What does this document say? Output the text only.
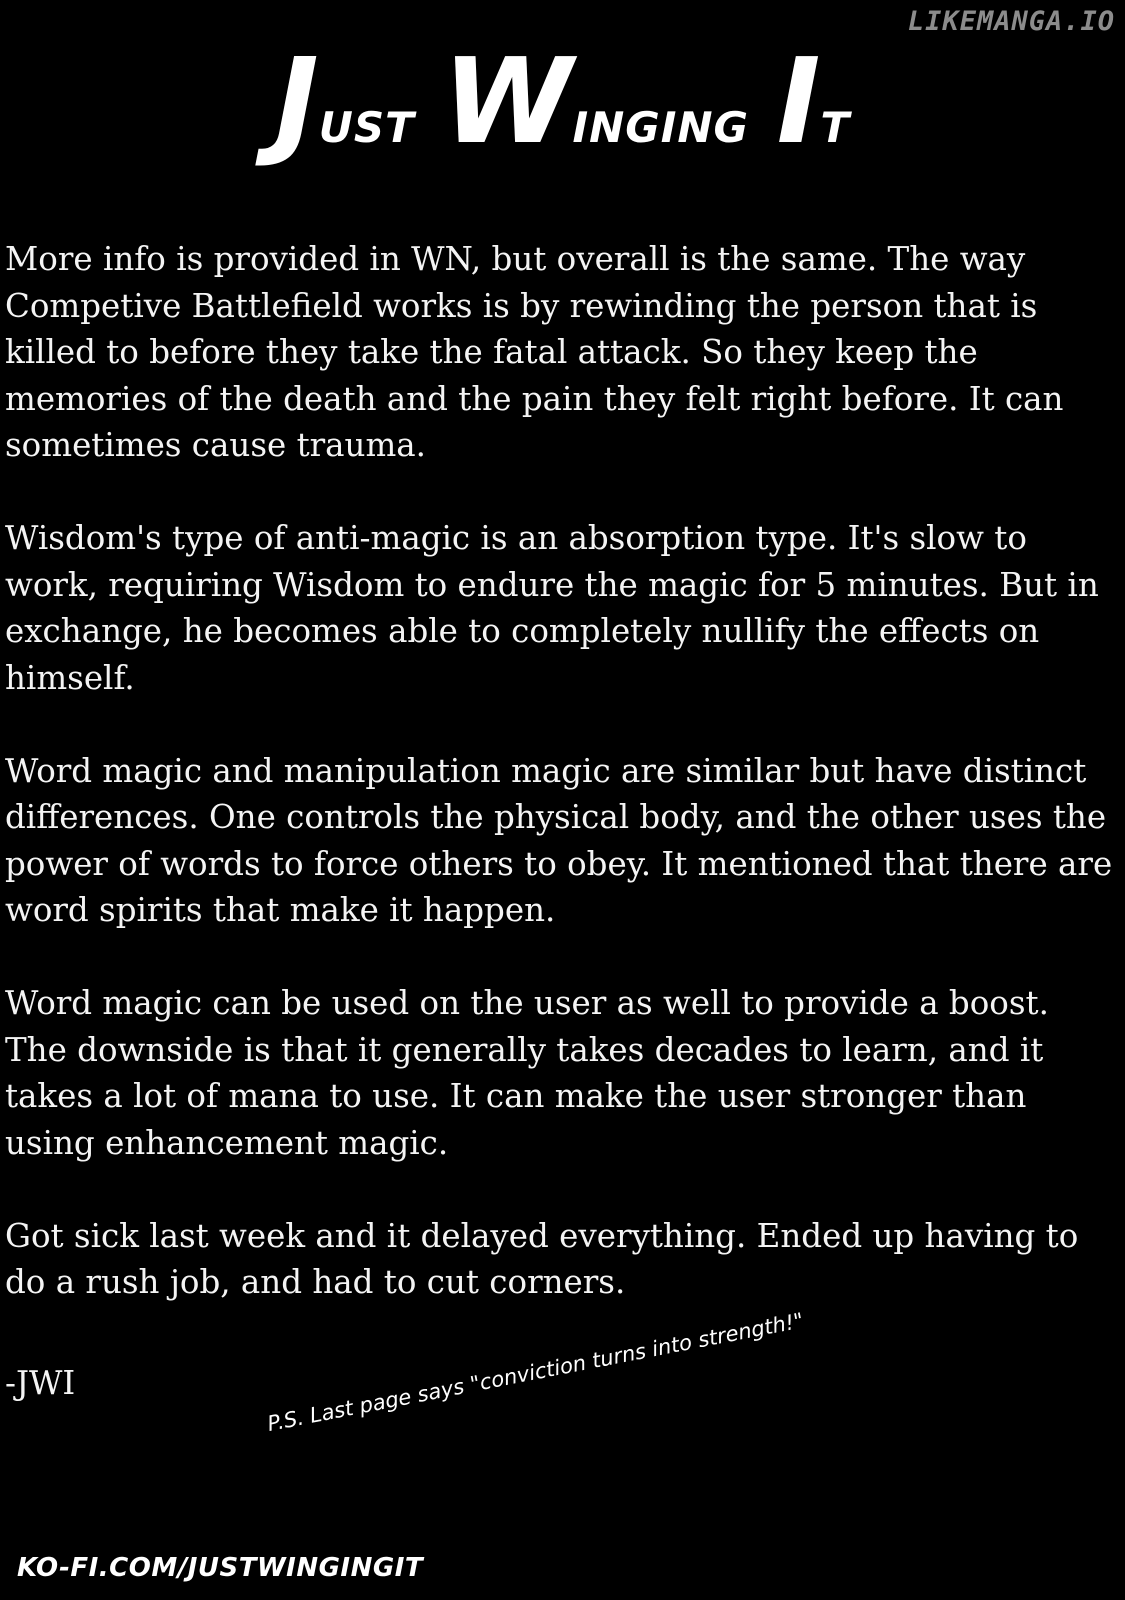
LIKEMANGA.IO
JUST WINGING IT

More info is provided in WN, but overall is the same. The way Competive Battlefield works is by rewinding the person that is killed to before they take the fatal attack. So they keep the memories of the death and the pain they felt right before. It can sometimes cause trauma.

Wisdom's type of anti-magic is an absorption type. It's slow to work, requiring Wisdom to endure the magic for 5 minutes. But in exchange, he becomes able to completely nullify the effects on himself.

Word magic and manipulation magic are similar but have distinct differences. One controls the physical body, and the other uses the power of words to force others to obey. It mentioned that there are word spirits that make it happen.

Word magic can be used on the user as well to provide a boost. The downside is that it generally takes decades to learn, and it takes a lot of mana to use. It can make the user stronger than using enhancement magic.

Got sick last week and it delayed everything. Ended up having to do a rush job, and had to cut corners.

-JWI	P.S. Last page says "conviction turns into strength!"
KO-FI.COM/JUSTWINGINGIT
